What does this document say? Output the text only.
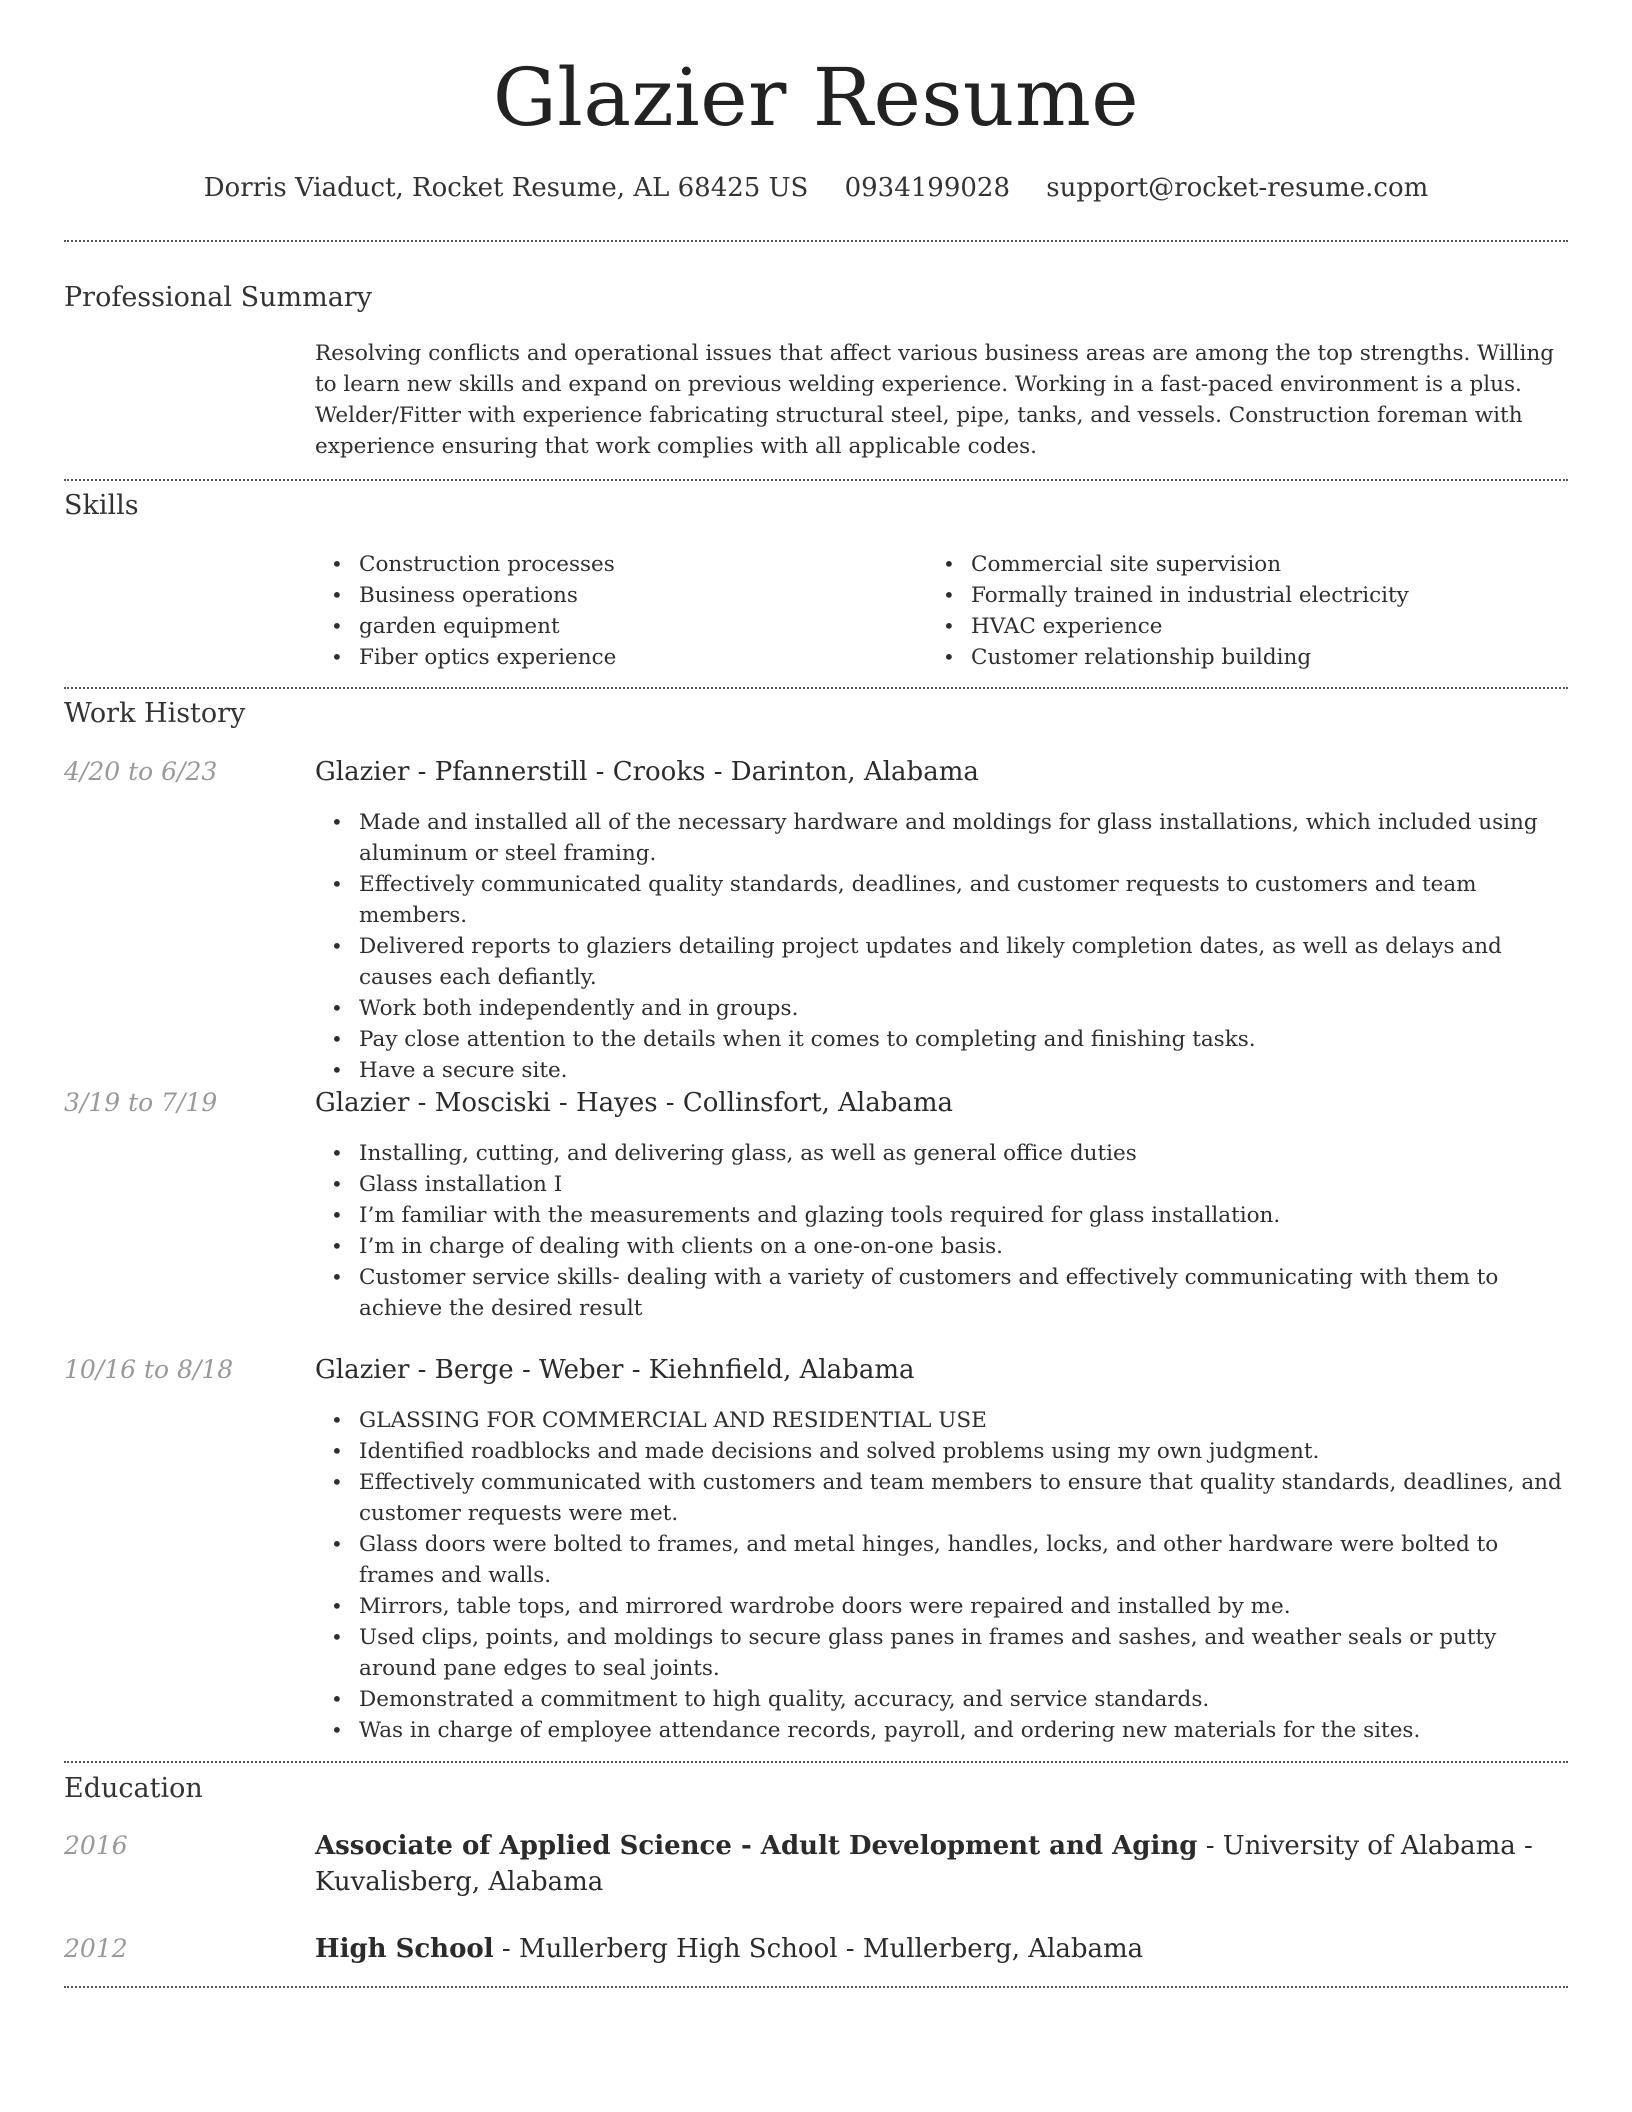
Glazier Resume
Dorris Viaduct, Rocket Resume, AL 68425 US 0934199028 support@rocket-resume.com
Professional Summary

Resolving conflicts and operational issues that affect various business areas are among the top strengths. Willing to learn new skills and expand on previous welding experience. Working in a fast-paced environment is a plus. Welder/Fitter with experience fabricating structural steel, pipe, tanks, and vessels. Construction foreman with experience ensuring that work complies with all applicable codes.

Skills
• Construction processes
• Business operations
• garden equipment
• Fiber optics experience
• Commercial site supervision
• Formally trained in industrial electricity
• HVAC experience
• Customer relationship building
Work History
4/20 to 6/23	Glazier - Pfannerstill - Crooks - Darinton, Alabama
• Made and installed all of the necessary hardware and moldings for glass installations, which included using aluminum or steel framing.
• Effectively communicated quality standards, deadlines, and customer requests to customers and team members.
• Delivered reports to glaziers detailing project updates and likely completion dates, as well as delays and causes each defiantly.
• Work both independently and in groups.
• Pay close attention to the details when it comes to completing and finishing tasks.
• Have a secure site.
3/19 to 7/19	Glazier - Mosciski - Hayes - Collinsfort, Alabama
• Installing, cutting, and delivering glass, as well as general office duties
• Glass installation I
• I’m familiar with the measurements and glazing tools required for glass installation.
• I’m in charge of dealing with clients on a one-on-one basis.
• Customer service skills- dealing with a variety of customers and effectively communicating with them to achieve the desired result
10/16 to 8/18	Glazier - Berge - Weber - Kiehnfield, Alabama
• GLASSING FOR COMMERCIAL AND RESIDENTIAL USE
• Identified roadblocks and made decisions and solved problems using my own judgment.
• Effectively communicated with customers and team members to ensure that quality standards, deadlines, and customer requests were met.
• Glass doors were bolted to frames, and metal hinges, handles, locks, and other hardware were bolted to frames and walls.
• Mirrors, table tops, and mirrored wardrobe doors were repaired and installed by me.
• Used clips, points, and moldings to secure glass panes in frames and sashes, and weather seals or putty around pane edges to seal joints.
• Demonstrated a commitment to high quality, accuracy, and service standards.
• Was in charge of employee attendance records, payroll, and ordering new materials for the sites.
Education
2016	Associate of Applied Science - Adult Development and Aging - University of Alabama - Kuvalisberg, Alabama
2012	High School - Mullerberg High School - Mullerberg, Alabama
